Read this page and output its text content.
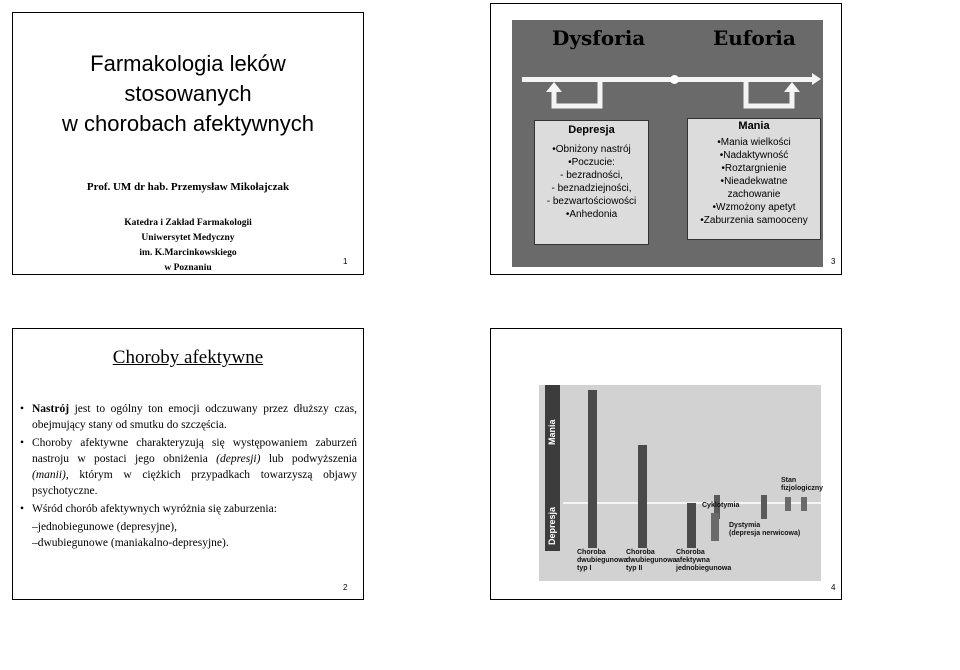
Farmakologia leków
stosowanych
w chorobach afektywnych
Prof. UM dr hab. Przemysław Mikołajczak
Katedra i Zakład Farmakologii
Uniwersytet Medyczny
im. K.Marcinkowskiego
w Poznaniu
1
Dysforia	Euforia
Depresja
• Obniżony nastrój
• Poczucie:
- bezradności,
- beznadziejności,
- bezwartościowości
• Anhedonia
Mania
• Mania wielkości
• Nadaktywność
• Roztargnienie
• Nieadekwatne
zachowanie
• Wzmożony apetyt
• Zaburzenia samooceny
3
Choroby afektywne
• Nastrój jest to ogólny ton emocji odczuwany przez dłuższy czas, obejmujący stany od smutku do szczęścia.
• Choroby afektywne charakteryzują się występowaniem zaburzeń nastroju w postaci jego obniżenia (depresji) lub podwyższenia (manii), którym w ciężkich przypadkach towarzyszą objawy psychotyczne.
• Wśród chorób afektywnych wyróżnia się zaburzenia:
–jednobiegunowe (depresyjne),
–dwubiegunowe (maniakalno-depresyjne).
2
Mania
Depresja
Cyklotymia
Stan
fizjologiczny
Dystymia
(depresja nerwicowa)
Choroba
dwubiegunowa
typ I
Choroba
dwubiegunowa
typ II
Choroba
afektywna
jednobiegunowa
4
